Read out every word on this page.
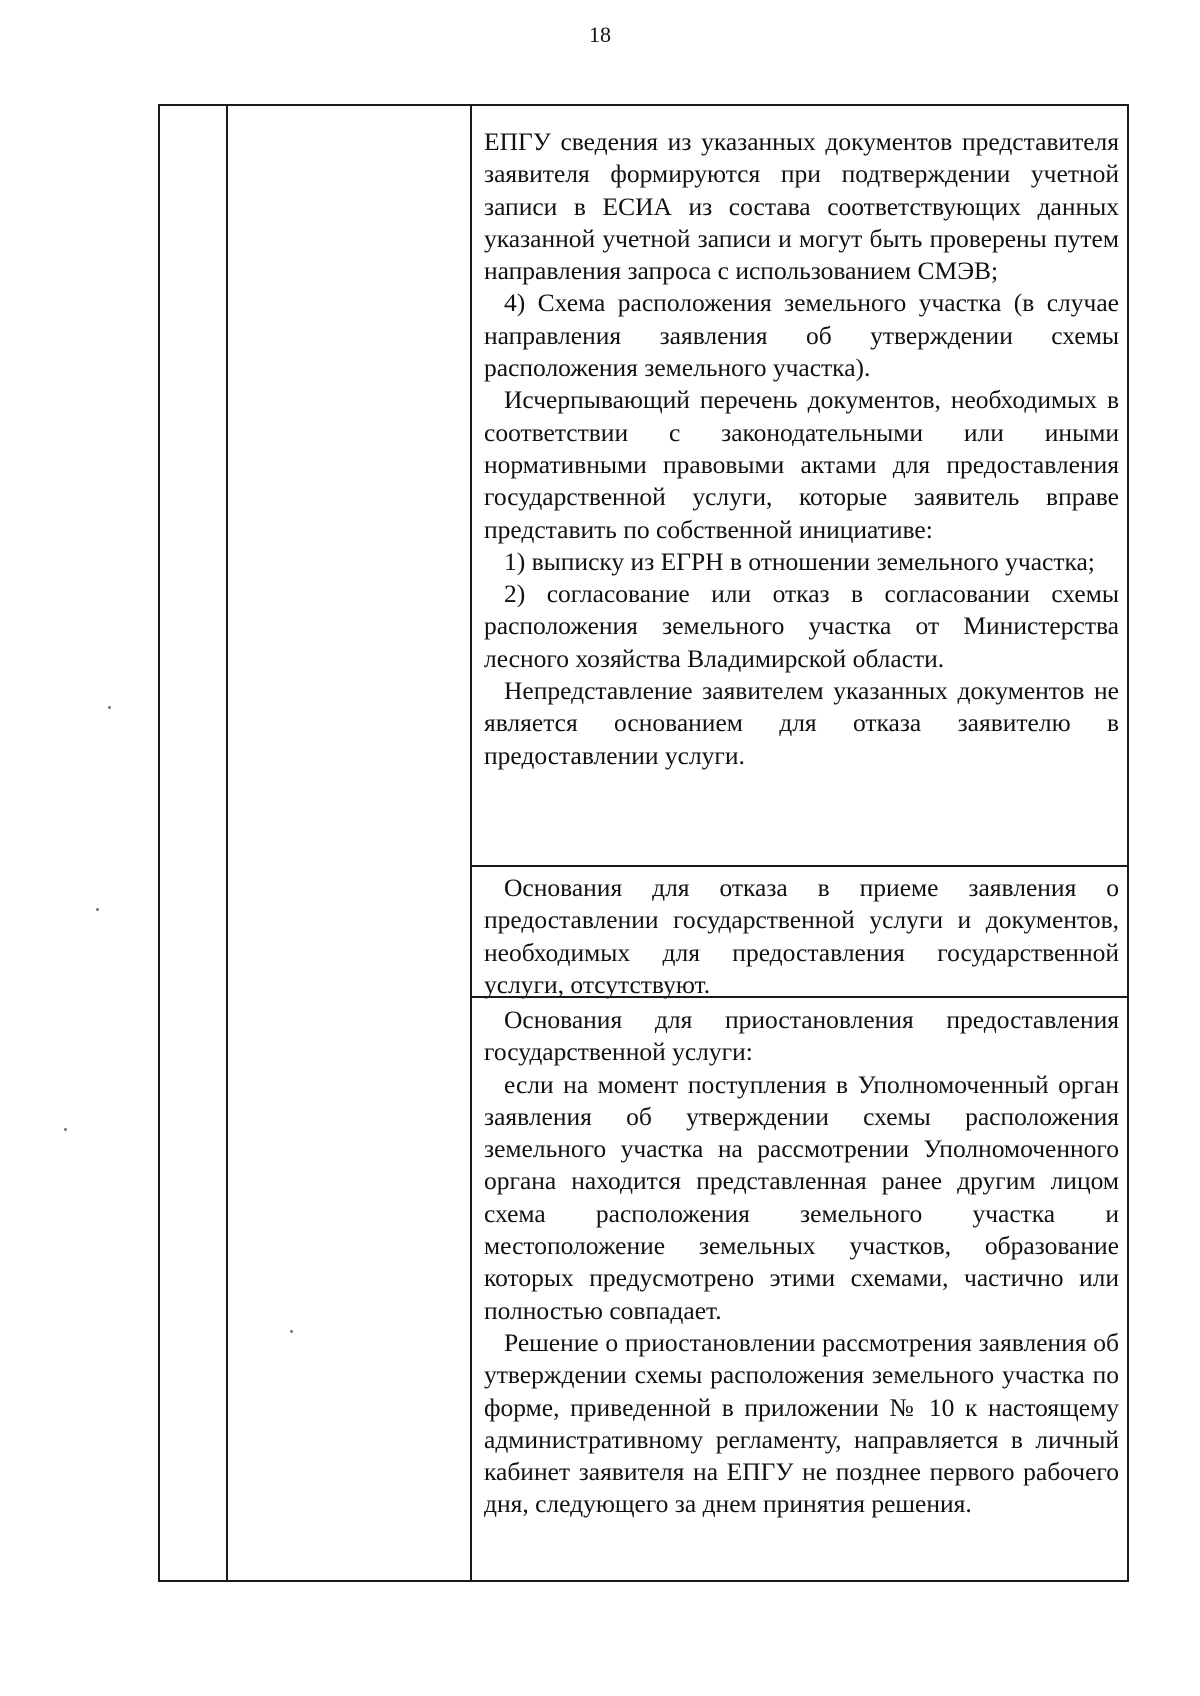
18

ЕПГУ сведения из указанных документов представителя заявителя формируются при подтверждении учетной записи в ЕСИА из состава соответствующих данных указанной учетной записи и могут быть проверены путем направления запроса с использованием СМЭВ;

4) Схема расположения земельного участка (в случае направления заявления об утверждении схемы расположения земельного участка).

Исчерпывающий перечень документов, необходимых в соответствии с законодательными или иными нормативными правовыми актами для предоставления государственной услуги, которые заявитель вправе представить по собственной инициативе:

1) выписку из ЕГРН в отношении земельного участка;

2) согласование или отказ в согласовании схемы расположения земельного участка от Министерства лесного хозяйства Владимирской области.

Непредставление заявителем указанных документов не является основанием для отказа заявителю в предоставлении услуги.

Основания для отказа в приеме заявления о предоставлении государственной услуги и документов, необходимых для предоставления государственной услуги, отсутствуют.

Основания для приостановления предоставления государственной услуги:

если на момент поступления в Уполномоченный орган заявления об утверждении схемы расположения земельного участка на рассмотрении Уполномоченного органа находится представленная ранее другим лицом схема расположения земельного участка и местоположение земельных участков, образование которых предусмотрено этими схемами, частично или полностью совпадает.

Решение о приостановлении рассмотрения заявления об утверждении схемы расположения земельного участка по форме, приведенной в приложении № 10 к настоящему административному регламенту, направляется в личный кабинет заявителя на ЕПГУ не позднее первого рабочего дня, следующего за днем принятия решения.
